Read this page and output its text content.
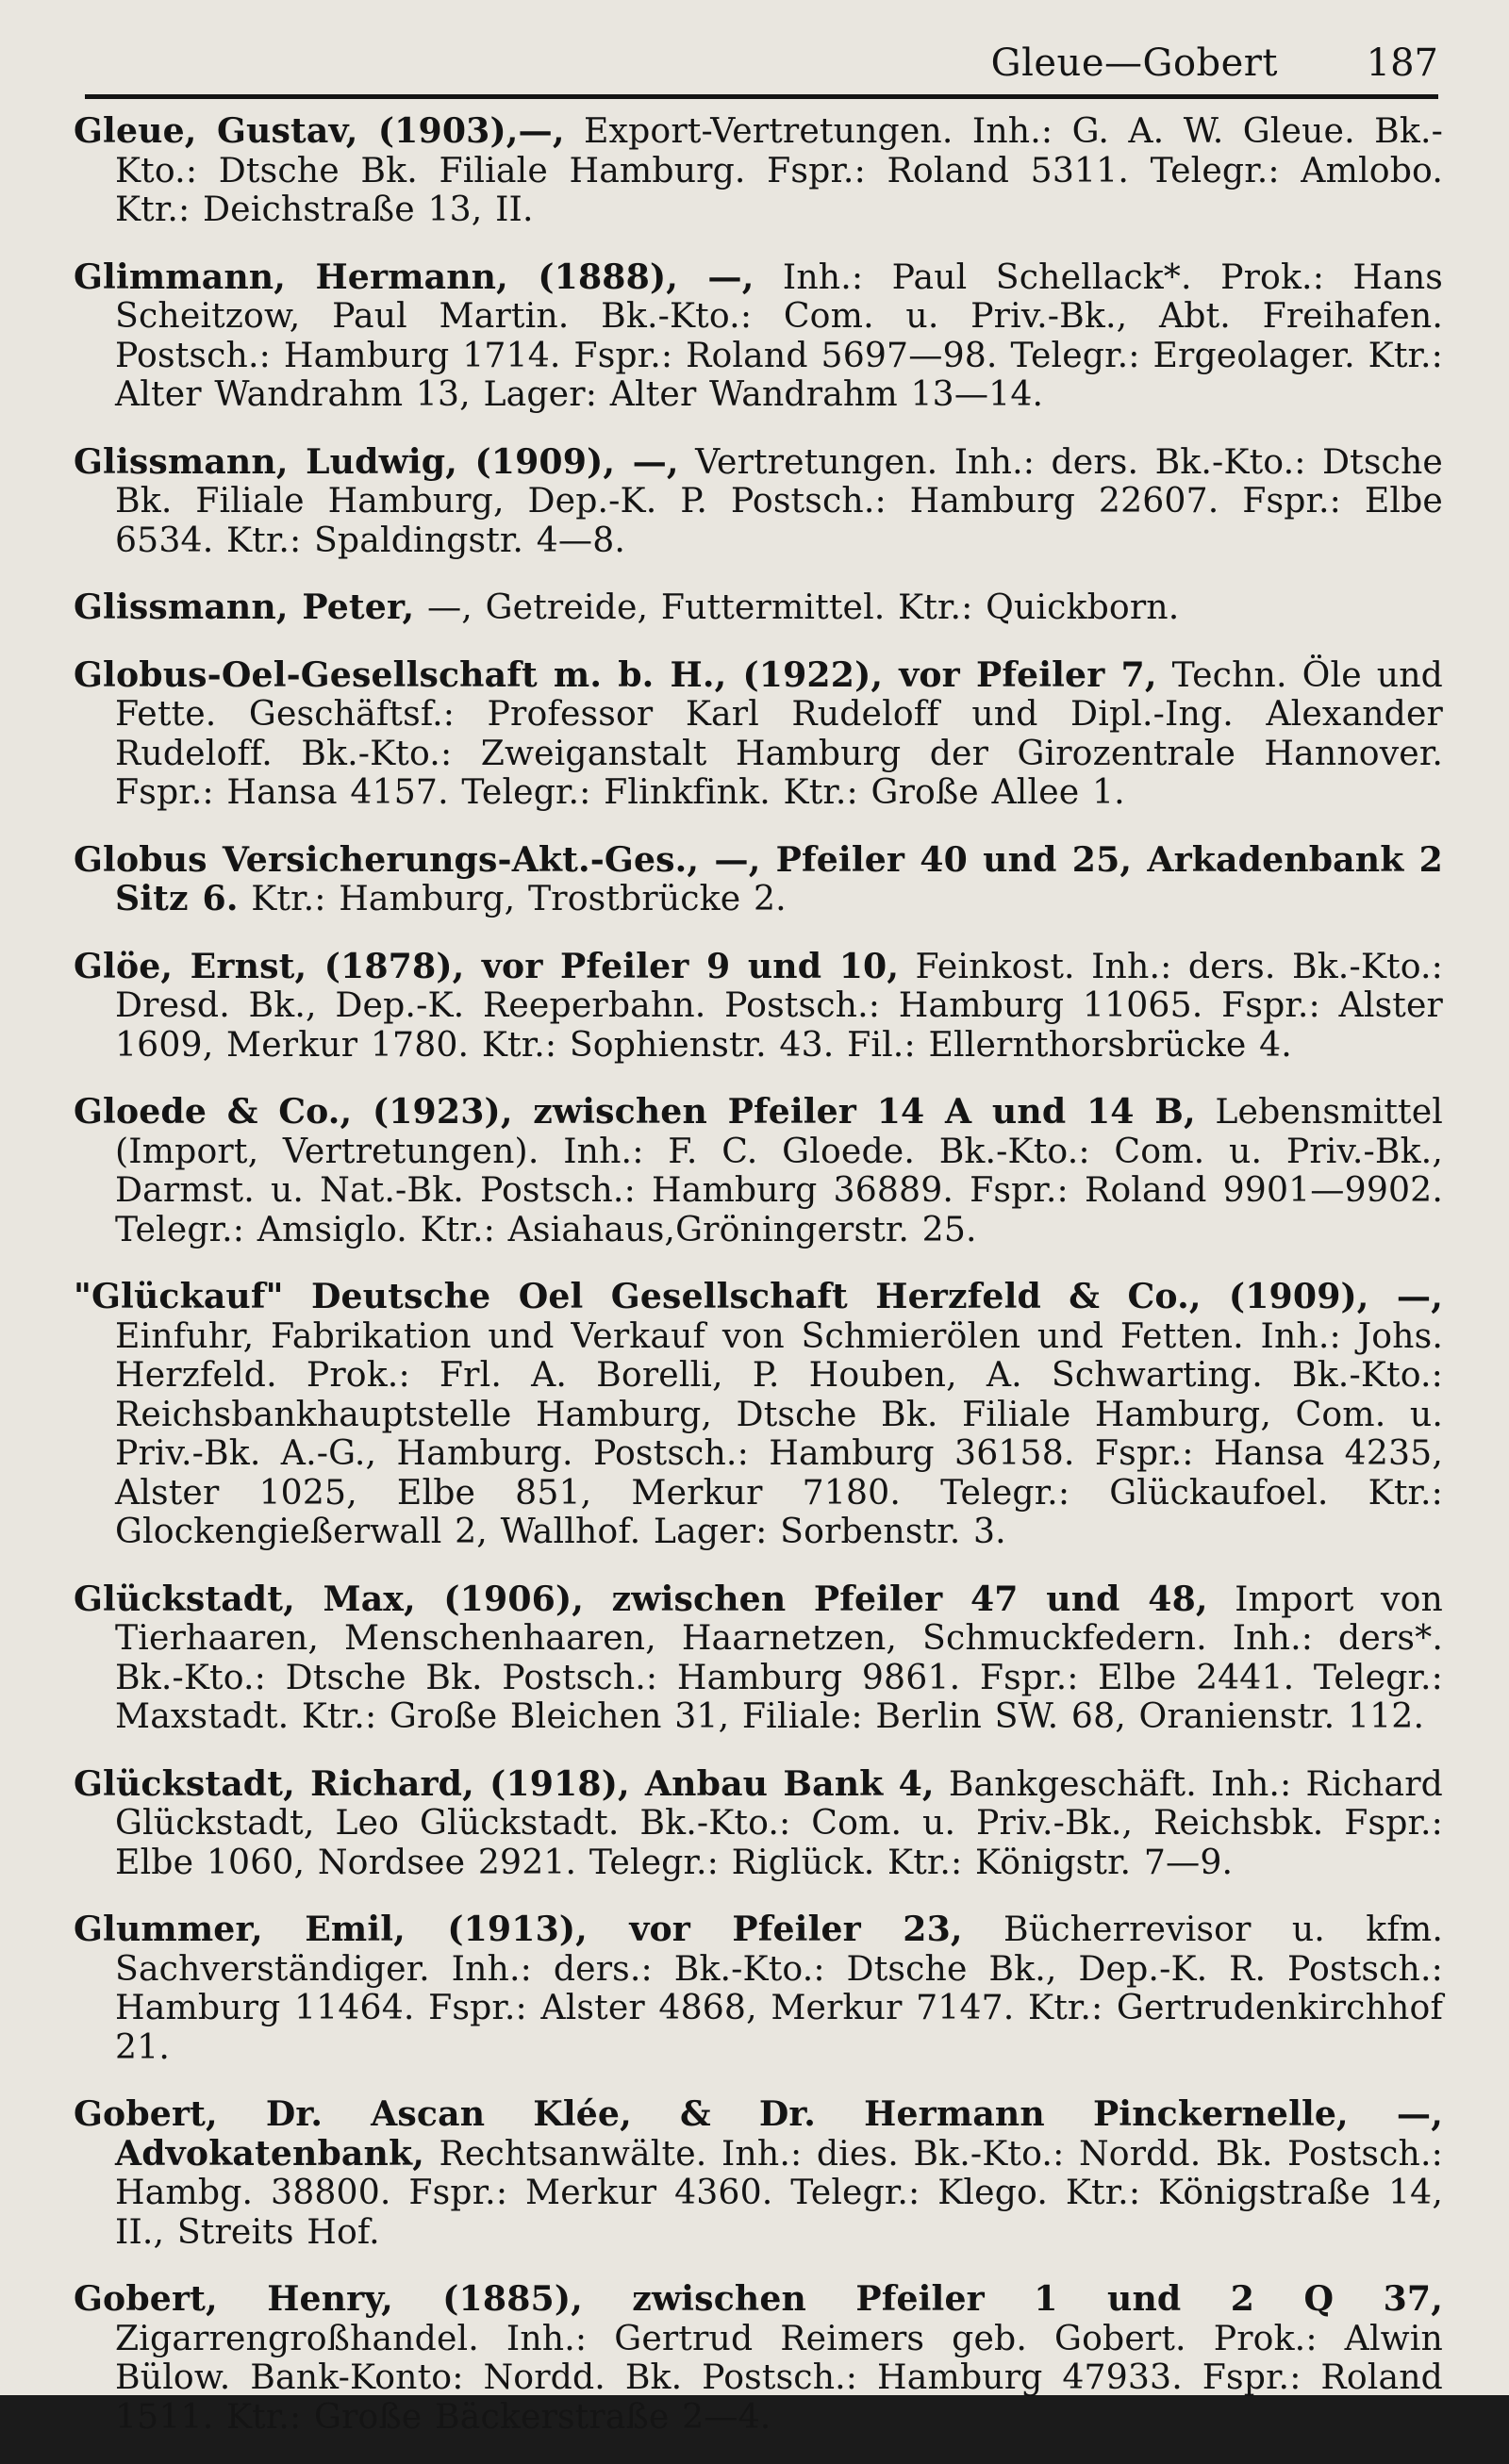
Gleue—Gobert 187

Gleue, Gustav, (1903),—, Export-Vertretungen. Inh.: G. A. W. Gleue. Bk.-Kto.: Dtsche Bk. Filiale Hamburg. Fspr.: Roland 5311. Telegr.: Amlobo. Ktr.: Deichstraße 13, II.

Glimmann, Hermann, (1888), —, Inh.: Paul Schellack*. Prok.: Hans Scheitzow, Paul Martin. Bk.-Kto.: Com. u. Priv.-Bk., Abt. Freihafen. Postsch.: Hamburg 1714. Fspr.: Roland 5697—98. Telegr.: Ergeolager. Ktr.: Alter Wandrahm 13, Lager: Alter Wandrahm 13—14.

Glissmann, Ludwig, (1909), —, Vertretungen. Inh.: ders. Bk.-Kto.: Dtsche Bk. Filiale Hamburg, Dep.-K. P. Postsch.: Hamburg 22607. Fspr.: Elbe 6534. Ktr.: Spaldingstr. 4—8.

Glissmann, Peter, —, Getreide, Futtermittel. Ktr.: Quickborn.

Globus-Oel-Gesellschaft m. b. H., (1922), vor Pfeiler 7, Techn. Öle und Fette. Geschäftsf.: Professor Karl Rudeloff und Dipl.-Ing. Alexander Rudeloff. Bk.-Kto.: Zweiganstalt Hamburg der Girozentrale Hannover. Fspr.: Hansa 4157. Telegr.: Flinkfink. Ktr.: Große Allee 1.

Globus Versicherungs-Akt.-Ges., —, Pfeiler 40 und 25, Arkadenbank 2 Sitz 6. Ktr.: Hamburg, Trostbrücke 2.

Glöe, Ernst, (1878), vor Pfeiler 9 und 10, Feinkost. Inh.: ders. Bk.-Kto.: Dresd. Bk., Dep.-K. Reeperbahn. Postsch.: Hamburg 11065. Fspr.: Alster 1609, Merkur 1780. Ktr.: Sophienstr. 43. Fil.: Ellernthorsbrücke 4.

Gloede & Co., (1923), zwischen Pfeiler 14 A und 14 B, Lebensmittel (Import, Vertretungen). Inh.: F. C. Gloede. Bk.-Kto.: Com. u. Priv.-Bk., Darmst. u. Nat.-Bk. Postsch.: Hamburg 36889. Fspr.: Roland 9901—9902. Telegr.: Amsiglo. Ktr.: Asiahaus,Gröningerstr. 25.

"Glückauf" Deutsche Oel Gesellschaft Herzfeld & Co., (1909), —, Einfuhr, Fabrikation und Verkauf von Schmierölen und Fetten. Inh.: Johs. Herzfeld. Prok.: Frl. A. Borelli, P. Houben, A. Schwarting. Bk.-Kto.: Reichsbankhauptstelle Hamburg, Dtsche Bk. Filiale Hamburg, Com. u. Priv.-Bk. A.-G., Hamburg. Postsch.: Hamburg 36158. Fspr.: Hansa 4235, Alster 1025, Elbe 851, Merkur 7180. Telegr.: Glückaufoel. Ktr.: Glockengießerwall 2, Wallhof. Lager: Sorbenstr. 3.

Glückstadt, Max, (1906), zwischen Pfeiler 47 und 48, Import von Tierhaaren, Menschenhaaren, Haarnetzen, Schmuckfedern. Inh.: ders*. Bk.-Kto.: Dtsche Bk. Postsch.: Hamburg 9861. Fspr.: Elbe 2441. Telegr.: Maxstadt. Ktr.: Große Bleichen 31, Filiale: Berlin SW. 68, Oranienstr. 112.

Glückstadt, Richard, (1918), Anbau Bank 4, Bankgeschäft. Inh.: Richard Glückstadt, Leo Glückstadt. Bk.-Kto.: Com. u. Priv.-Bk., Reichsbk. Fspr.: Elbe 1060, Nordsee 2921. Telegr.: Riglück. Ktr.: Königstr. 7—9.

Glummer, Emil, (1913), vor Pfeiler 23, Bücherrevisor u. kfm. Sachverständiger. Inh.: ders.: Bk.-Kto.: Dtsche Bk., Dep.-K. R. Postsch.: Hamburg 11464. Fspr.: Alster 4868, Merkur 7147. Ktr.: Gertrudenkirchhof 21.

Gobert, Dr. Ascan Klée, & Dr. Hermann Pinckernelle, —, Advokatenbank, Rechtsanwälte. Inh.: dies. Bk.-Kto.: Nordd. Bk. Postsch.: Hambg. 38800. Fspr.: Merkur 4360. Telegr.: Klego. Ktr.: Königstraße 14, II., Streits Hof.

Gobert, Henry, (1885), zwischen Pfeiler 1 und 2 Q 37, Zigarrengroßhandel. Inh.: Gertrud Reimers geb. Gobert. Prok.: Alwin Bülow. Bank-Konto: Nordd. Bk. Postsch.: Hamburg 47933. Fspr.: Roland 1511. Ktr.: Große Bäckerstraße 2—4.
